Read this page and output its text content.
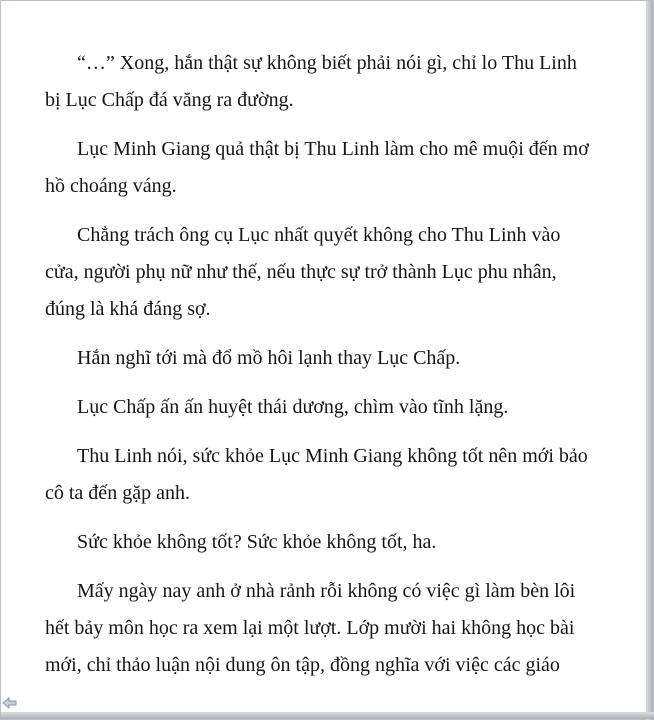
“…” Xong, hắn thật sự không biết phải nói gì, chỉ lo Thu Linh
bị Lục Chấp đá văng ra đường.

Lục Minh Giang quả thật bị Thu Linh làm cho mê muội đến mơ
hồ choáng váng.

Chẳng trách ông cụ Lục nhất quyết không cho Thu Linh vào
cửa, người phụ nữ như thế, nếu thực sự trở thành Lục phu nhân,
đúng là khá đáng sợ.

Hắn nghĩ tới mà đổ mồ hôi lạnh thay Lục Chấp.

Lục Chấp ấn ấn huyệt thái dương, chìm vào tĩnh lặng.

Thu Linh nói, sức khỏe Lục Minh Giang không tốt nên mới bảo
cô ta đến gặp anh.

Sức khỏe không tốt? Sức khỏe không tốt, ha.

Mấy ngày nay anh ở nhà rảnh rỗi không có việc gì làm bèn lôi
hết bảy môn học ra xem lại một lượt. Lớp mười hai không học bài
mới, chỉ thảo luận nội dung ôn tập, đồng nghĩa với việc các giáo
